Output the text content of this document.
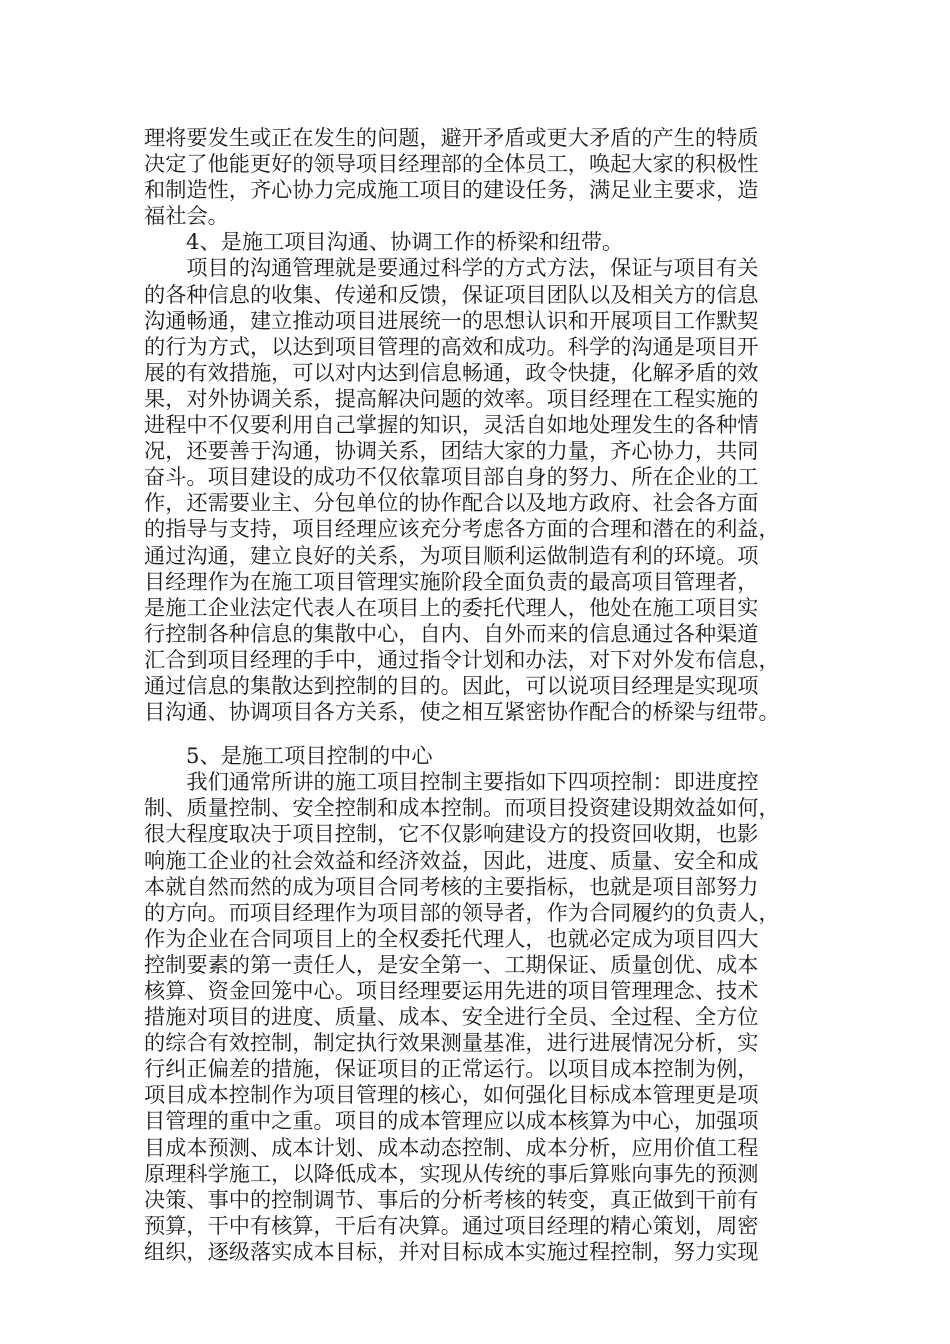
理将要发生或正在发生的问题，避开矛盾或更大矛盾的产生的特质
决定了他能更好的领导项目经理部的全体员工，唤起大家的积极性
和制造性，齐心协力完成施工项目的建设任务，满足业主要求，造
福社会。
4、是施工项目沟通、协调工作的桥梁和纽带。
　　项目的沟通管理就是要通过科学的方式方法，保证与项目有关
的各种信息的收集、传递和反馈，保证项目团队以及相关方的信息
沟通畅通，建立推动项目进展统一的思想认识和开展项目工作默契
的行为方式，以达到项目管理的高效和成功。科学的沟通是项目开
展的有效措施，可以对内达到信息畅通，政令快捷，化解矛盾的效
果，对外协调关系，提高解决问题的效率。项目经理在工程实施的
进程中不仅要利用自己掌握的知识，灵活自如地处理发生的各种情
况，还要善于沟通，协调关系，团结大家的力量，齐心协力，共同
奋斗。项目建设的成功不仅依靠项目部自身的努力、所在企业的工
作，还需要业主、分包单位的协作配合以及地方政府、社会各方面
的指导与支持，项目经理应该充分考虑各方面的合理和潜在的利益，
通过沟通，建立良好的关系，为项目顺利运做制造有利的环境。项
目经理作为在施工项目管理实施阶段全面负责的最高项目管理者，
是施工企业法定代表人在项目上的委托代理人，他处在施工项目实
行控制各种信息的集散中心，自内、自外而来的信息通过各种渠道
汇合到项目经理的手中，通过指令计划和办法，对下对外发布信息，
通过信息的集散达到控制的目的。因此，可以说项目经理是实现项
目沟通、协调项目各方关系，使之相互紧密协作配合的桥梁与纽带。
5、是施工项目控制的中心
　　我们通常所讲的施工项目控制主要指如下四项控制：即进度控
制、质量控制、安全控制和成本控制。而项目投资建设期效益如何，
很大程度取决于项目控制，它不仅影响建设方的投资回收期，也影
响施工企业的社会效益和经济效益，因此，进度、质量、安全和成
本就自然而然的成为项目合同考核的主要指标，也就是项目部努力
的方向。而项目经理作为项目部的领导者，作为合同履约的负责人，
作为企业在合同项目上的全权委托代理人，也就必定成为项目四大
控制要素的第一责任人，是安全第一、工期保证、质量创优、成本
核算、资金回笼中心。项目经理要运用先进的项目管理理念、技术
措施对项目的进度、质量、成本、安全进行全员、全过程、全方位
的综合有效控制，制定执行效果测量基准，进行进展情况分析，实
行纠正偏差的措施，保证项目的正常运行。以项目成本控制为例，
项目成本控制作为项目管理的核心，如何强化目标成本管理更是项
目管理的重中之重。项目的成本管理应以成本核算为中心，加强项
目成本预测、成本计划、成本动态控制、成本分析，应用价值工程
原理科学施工，以降低成本，实现从传统的事后算账向事先的预测
决策、事中的控制调节、事后的分析考核的转变，真正做到干前有
预算，干中有核算，干后有决算。通过项目经理的精心策划，周密
组织，逐级落实成本目标，并对目标成本实施过程控制，努力实现
